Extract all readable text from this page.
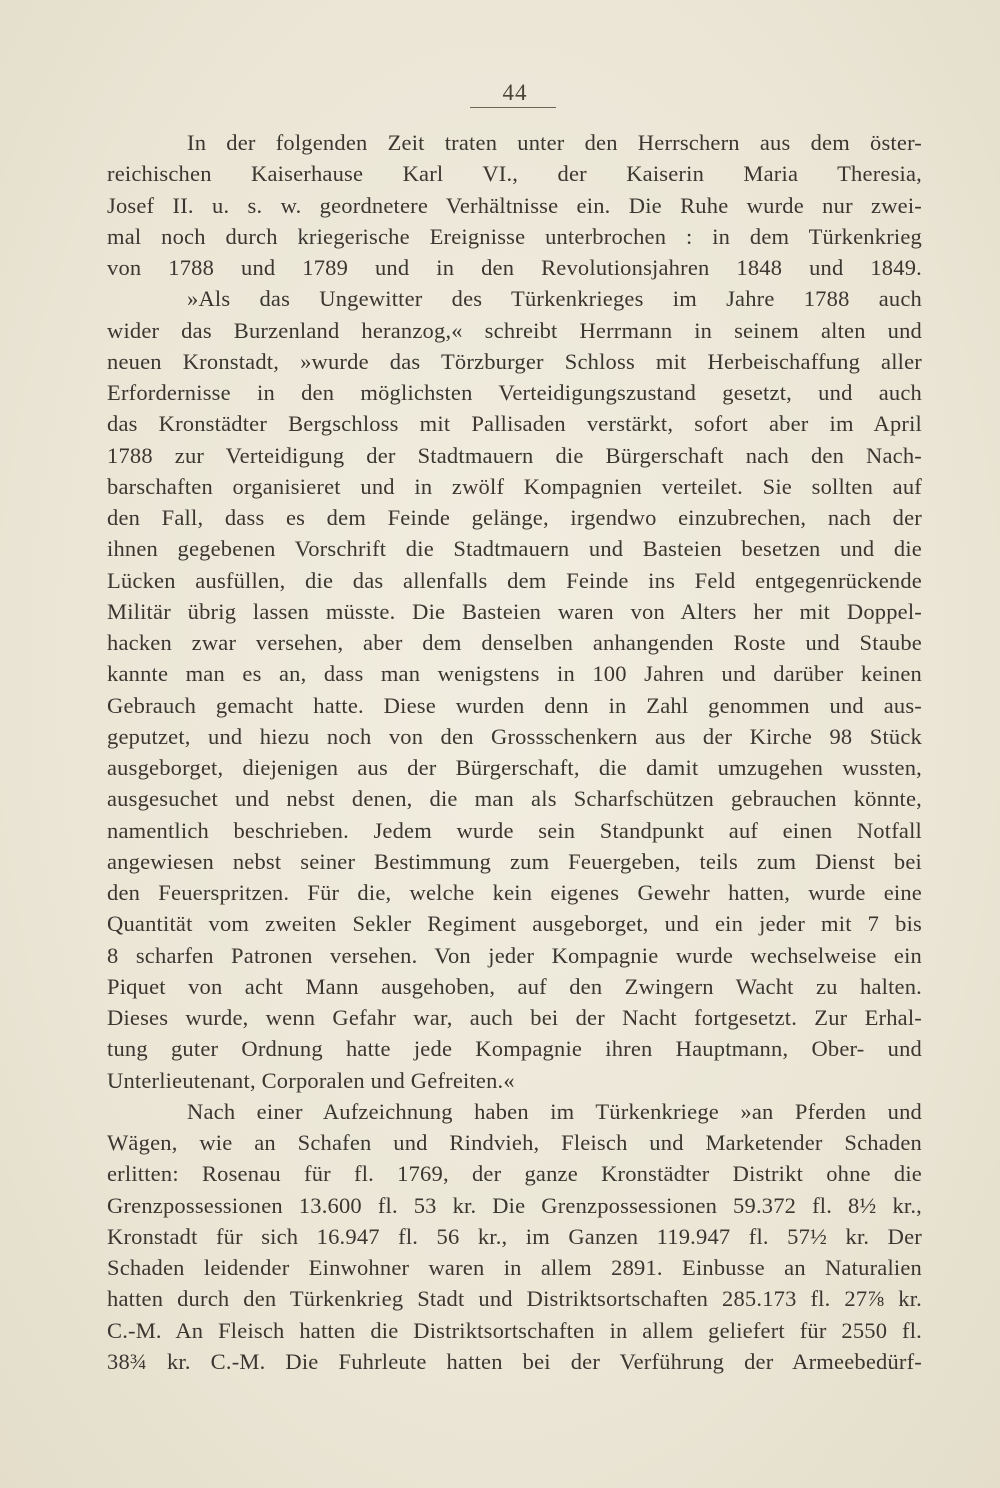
44
In der folgenden Zeit traten unter den Herrschern aus dem öster-
reichischen Kaiserhause Karl VI., der Kaiserin Maria Theresia,
Josef II. u. s. w. geordnetere Verhältnisse ein. Die Ruhe wurde nur zwei-
mal noch durch kriegerische Ereignisse unterbrochen : in dem Türkenkrieg
von 1788 und 1789 und in den Revolutionsjahren 1848 und 1849.
»Als das Ungewitter des Türkenkrieges im Jahre 1788 auch
wider das Burzenland heranzog,« schreibt Herrmann in seinem alten und
neuen Kronstadt, »wurde das Törzburger Schloss mit Herbeischaffung aller
Erfordernisse in den möglichsten Verteidigungszustand gesetzt, und auch
das Kronstädter Bergschloss mit Pallisaden verstärkt, sofort aber im April
1788 zur Verteidigung der Stadtmauern die Bürgerschaft nach den Nach-
barschaften organisieret und in zwölf Kompagnien verteilet. Sie sollten auf
den Fall, dass es dem Feinde gelänge, irgendwo einzubrechen, nach der
ihnen gegebenen Vorschrift die Stadtmauern und Basteien besetzen und die
Lücken ausfüllen, die das allenfalls dem Feinde ins Feld entgegenrückende
Militär übrig lassen müsste. Die Basteien waren von Alters her mit Doppel-
hacken zwar versehen, aber dem denselben anhangenden Roste und Staube
kannte man es an, dass man wenigstens in 100 Jahren und darüber keinen
Gebrauch gemacht hatte. Diese wurden denn in Zahl genommen und aus-
geputzet, und hiezu noch von den Grossschenkern aus der Kirche 98 Stück
ausgeborget, diejenigen aus der Bürgerschaft, die damit umzugehen wussten,
ausgesuchet und nebst denen, die man als Scharfschützen gebrauchen könnte,
namentlich beschrieben. Jedem wurde sein Standpunkt auf einen Notfall
angewiesen nebst seiner Bestimmung zum Feuergeben, teils zum Dienst bei
den Feuerspritzen. Für die, welche kein eigenes Gewehr hatten, wurde eine
Quantität vom zweiten Sekler Regiment ausgeborget, und ein jeder mit 7 bis
8 scharfen Patronen versehen. Von jeder Kompagnie wurde wechselweise ein
Piquet von acht Mann ausgehoben, auf den Zwingern Wacht zu halten.
Dieses wurde, wenn Gefahr war, auch bei der Nacht fortgesetzt. Zur Erhal-
tung guter Ordnung hatte jede Kompagnie ihren Hauptmann, Ober- und
Unterlieutenant, Corporalen und Gefreiten.«
Nach einer Aufzeichnung haben im Türkenkriege »an Pferden und
Wägen, wie an Schafen und Rindvieh, Fleisch und Marketender Schaden
erlitten: Rosenau für fl. 1769, der ganze Kronstädter Distrikt ohne die
Grenzpossessionen 13.600 fl. 53 kr. Die Grenzpossessionen 59.372 fl. 8½ kr.,
Kronstadt für sich 16.947 fl. 56 kr., im Ganzen 119.947 fl. 57½ kr. Der
Schaden leidender Einwohner waren in allem 2891. Einbusse an Naturalien
hatten durch den Türkenkrieg Stadt und Distriktsortschaften 285.173 fl. 27⅞ kr.
C.-M. An Fleisch hatten die Distriktsortschaften in allem geliefert für 2550 fl.
38¾ kr. C.-M. Die Fuhrleute hatten bei der Verführung der Armeebedürf-
